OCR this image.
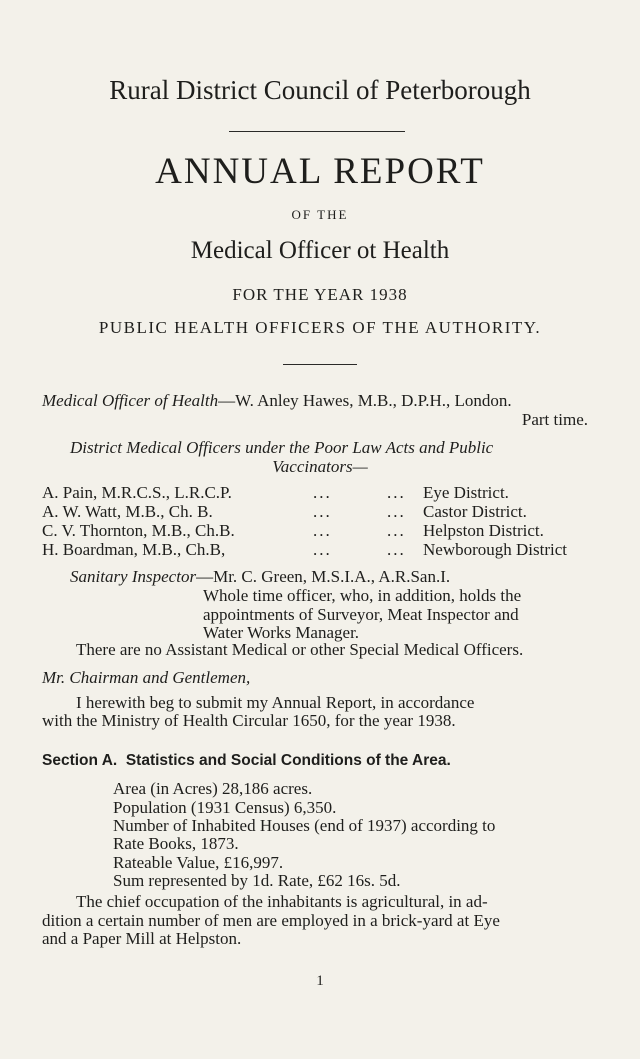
Rural District Council of Peterborough
ANNUAL REPORT
OF THE
Medical Officer ot Health
FOR THE YEAR 1938
PUBLIC HEALTH OFFICERS OF THE AUTHORITY.
Medical Officer of Health—W. Anley Hawes, M.B., D.P.H., London.
Part time.
District Medical Officers under the Poor Law Acts and Public
Vaccinators—
A. Pain, M.R.C.S., L.R.C.P.	...	... Eye District.
A. W. Watt, M.B., Ch. B.	...	... Castor District.
C. V. Thornton, M.B., Ch.B.	...	... Helpston District.
H. Boardman, M.B., Ch.B,	...	... Newborough District
Sanitary Inspector—Mr. C. Green, M.S.I.A., A.R.San.I.
Whole time officer, who, in addition, holds the
appointments of Surveyor, Meat Inspector and
Water Works Manager.
There are no Assistant Medical or other Special Medical Officers.
Mr. Chairman and Gentlemen,
I herewith beg to submit my Annual Report, in accordance
with the Ministry of Health Circular 1650, for the year 1938.
Section A.  Statistics and Social Conditions of the Area.
Area (in Acres) 28,186 acres.
Population (1931 Census) 6,350.
Number of Inhabited Houses (end of 1937) according to
Rate Books, 1873.
Rateable Value, £16,997.
Sum represented by 1d. Rate, £62 16s. 5d.
The chief occupation of the inhabitants is agricultural, in ad-
dition a certain number of men are employed in a brick-yard at Eye
and a Paper Mill at Helpston.
1
